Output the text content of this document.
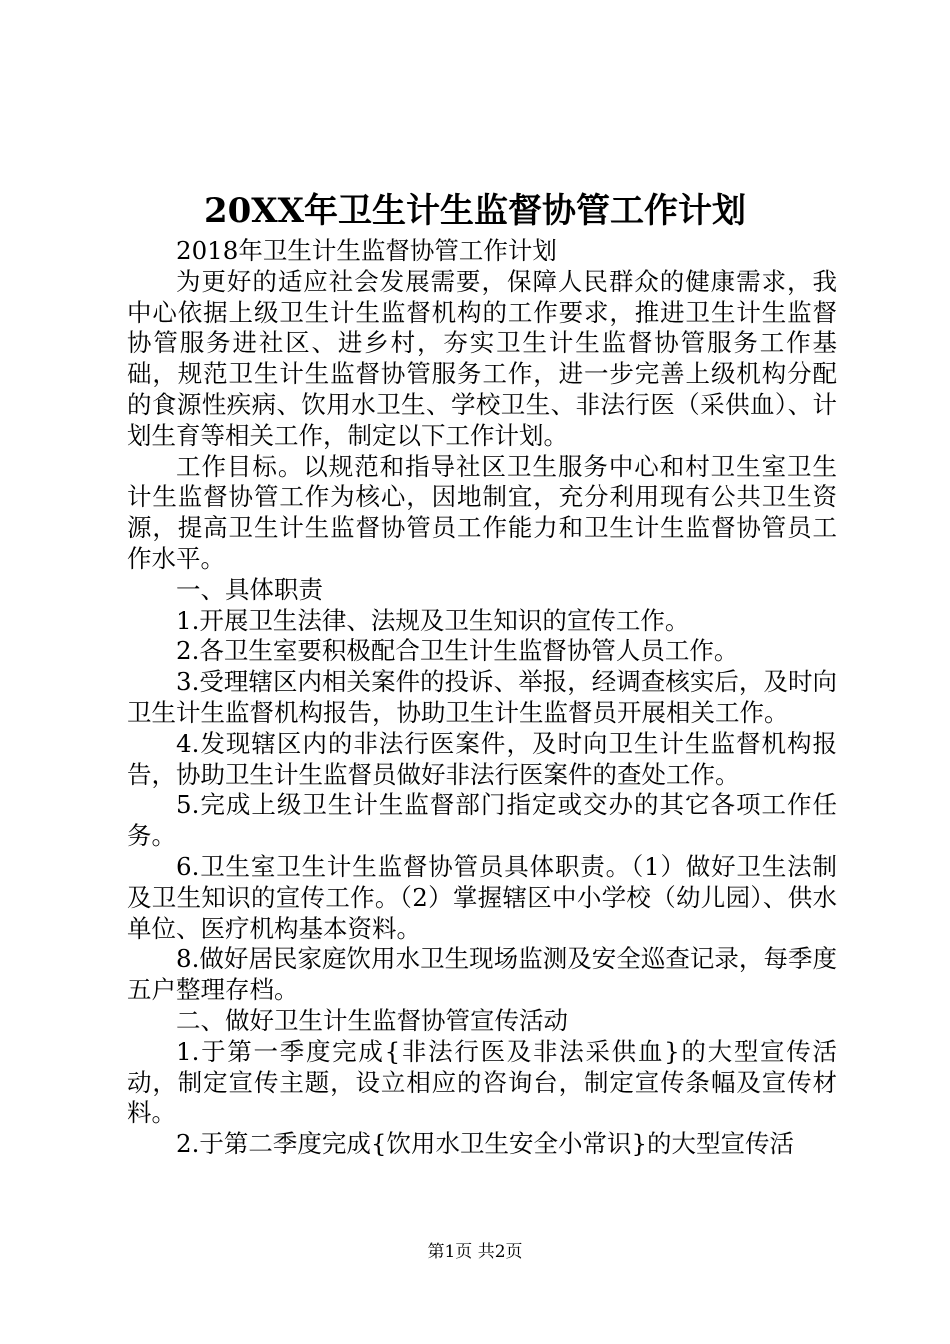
20XX年卫生计生监督协管工作计划

2018年卫生计生监督协管工作计划

为更好的适应社会发展需要，保障人民群众的健康需求，我中心依据上级卫生计生监督机构的工作要求，推进卫生计生监督协管服务进社区、进乡村，夯实卫生计生监督协管服务工作基础，规范卫生计生监督协管服务工作，进一步完善上级机构分配的食源性疾病、饮用水卫生、学校卫生、非法行医（采供血）、计划生育等相关工作，制定以下工作计划。

工作目标。以规范和指导社区卫生服务中心和村卫生室卫生计生监督协管工作为核心，因地制宜，充分利用现有公共卫生资源，提高卫生计生监督协管员工作能力和卫生计生监督协管员工作水平。

一、具体职责

1.开展卫生法律、法规及卫生知识的宣传工作。

2.各卫生室要积极配合卫生计生监督协管人员工作。

3.受理辖区内相关案件的投诉、举报，经调查核实后，及时向卫生计生监督机构报告，协助卫生计生监督员开展相关工作。

4.发现辖区内的非法行医案件，及时向卫生计生监督机构报告，协助卫生计生监督员做好非法行医案件的查处工作。

5.完成上级卫生计生监督部门指定或交办的其它各项工作任务。

6.卫生室卫生计生监督协管员具体职责。（1）做好卫生法制及卫生知识的宣传工作。（2）掌握辖区中小学校（幼儿园）、供水单位、医疗机构基本资料。

8.做好居民家庭饮用水卫生现场监测及安全巡查记录，每季度五户整理存档。

二、做好卫生计生监督协管宣传活动

1.于第一季度完成{非法行医及非法采供血}的大型宣传活动，制定宣传主题，设立相应的咨询台，制定宣传条幅及宣传材料。

2.于第二季度完成{饮用水卫生安全小常识}的大型宣传活

第1页 共2页
